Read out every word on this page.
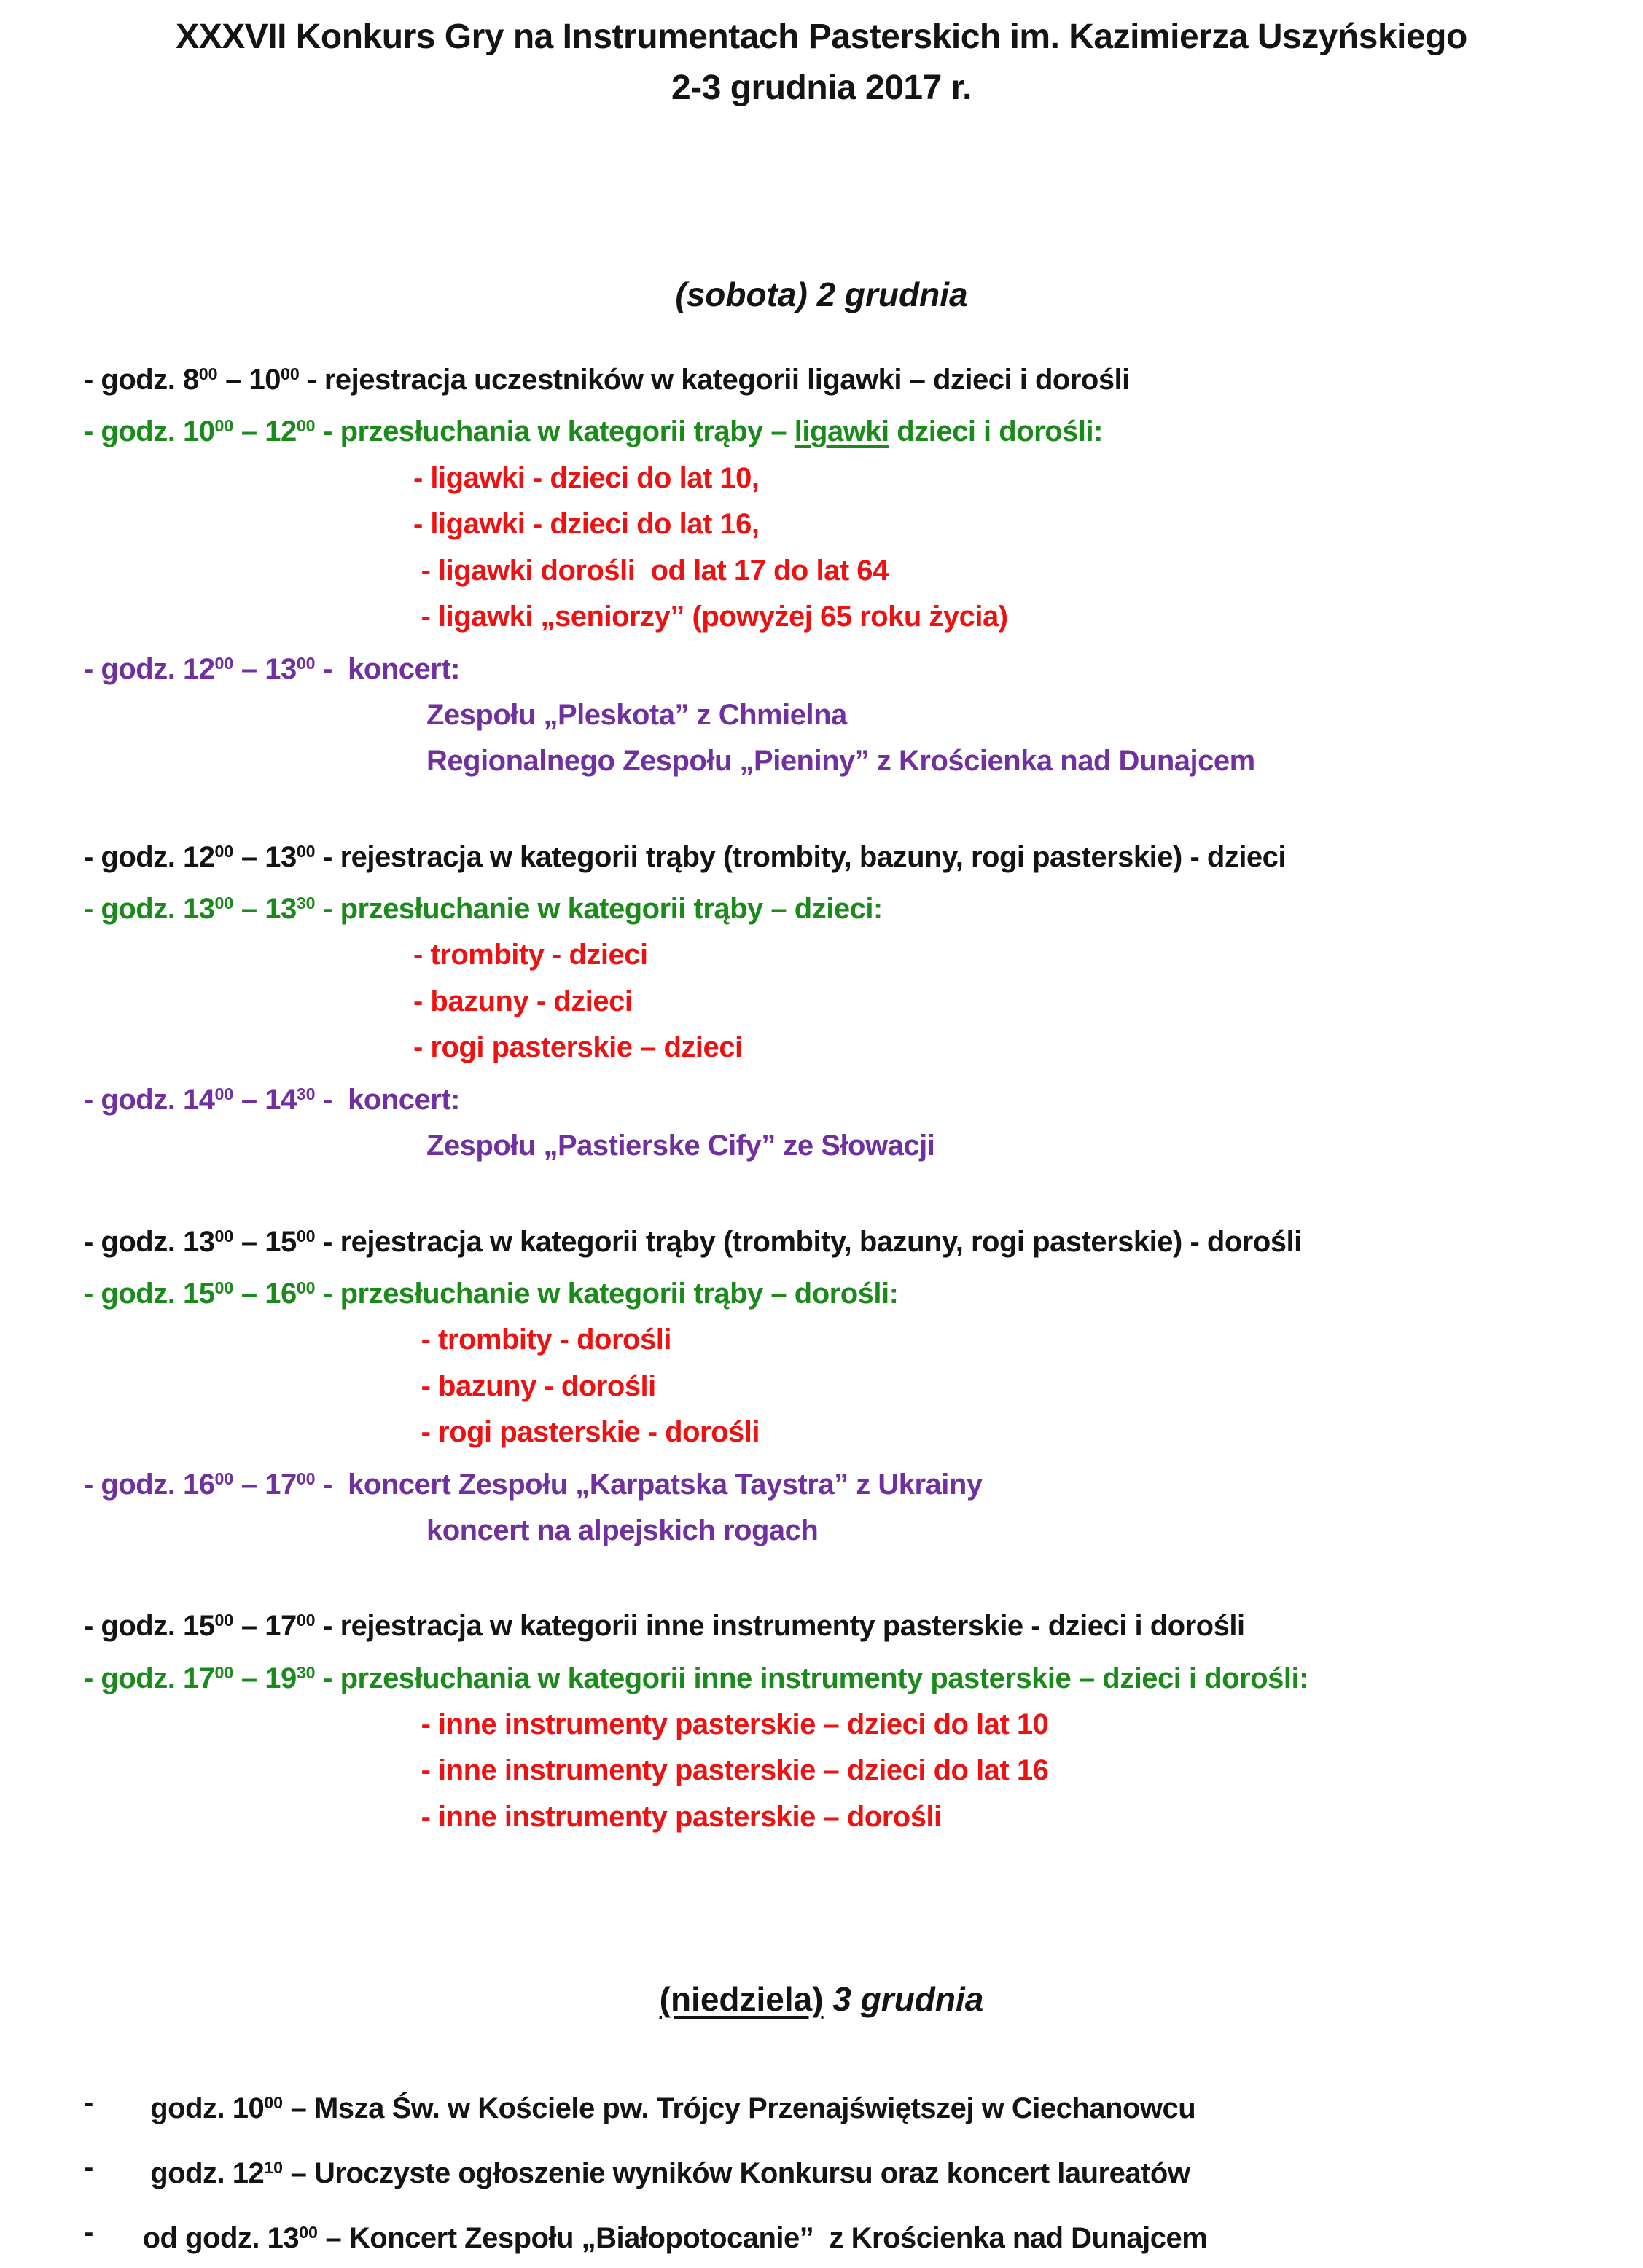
XXXVII Konkurs Gry na Instrumentach Pasterskich im. Kazimierza Uszyńskiego
2-3 grudnia 2017 r.
(sobota) 2 grudnia
- godz. $8^{00} - 10^{00}$ - rejestracja uczestników w kategorii ligawki – dzieci i dorośli
- godz. $10^{00} - 12^{00}$ - przesłuchania w kategorii trąby – ligawki dzieci i dorośli:
- ligawki - dzieci do lat 10,
- ligawki - dzieci do lat 16,
- ligawki dorośli  od lat 17 do lat 64
- ligawki „seniorzy” (powyżej 65 roku życia)
- godz. $12^{00} - 13^{00}$ -  koncert:
Zespołu „Pleskota” z Chmielna
Regionalnego Zespołu „Pieniny” z Krościenka nad Dunajcem
- godz. $12^{00} - 13^{00}$ - rejestracja w kategorii trąby (trombity, bazuny, rogi pasterskie) - dzieci
- godz. $13^{00} - 13^{30}$ - przesłuchanie w kategorii trąby – dzieci:
- trombity - dzieci
- bazuny - dzieci
- rogi pasterskie – dzieci
- godz. $14^{00} - 14^{30}$ -  koncert:
Zespołu „Pastierske Cify” ze Słowacji
- godz. $13^{00} - 15^{00}$ - rejestracja w kategorii trąby (trombity, bazuny, rogi pasterskie) - dorośli
- godz. $15^{00} - 16^{00}$ - przesłuchanie w kategorii trąby – dorośli:
- trombity - dorośli
- bazuny - dorośli
- rogi pasterskie - dorośli
- godz. $16^{00} - 17^{00}$ -  koncert Zespołu „Karpatska Taystra” z Ukrainy
koncert na alpejskich rogach
- godz. $15^{00} - 17^{00}$ - rejestracja w kategorii inne instrumenty pasterskie - dzieci i dorośli
- godz. $17^{00} - 19^{30}$ - przesłuchania w kategorii inne instrumenty pasterskie – dzieci i dorośli:
- inne instrumenty pasterskie – dzieci do lat 10
- inne instrumenty pasterskie – dzieci do lat 16
- inne instrumenty pasterskie – dorośli
(niedziela) 3 grudnia
-	godz. $10^{00}$ – Msza Św. w Kościele pw. Trójcy Przenajświętszej w Ciechanowcu
-	godz. $12^{10}$ – Uroczyste ogłoszenie wyników Konkursu oraz koncert laureatów
-	od godz. $13^{00}$ – Koncert Zespołu „Białopotocanie”  z Krościenka nad Dunajcem
